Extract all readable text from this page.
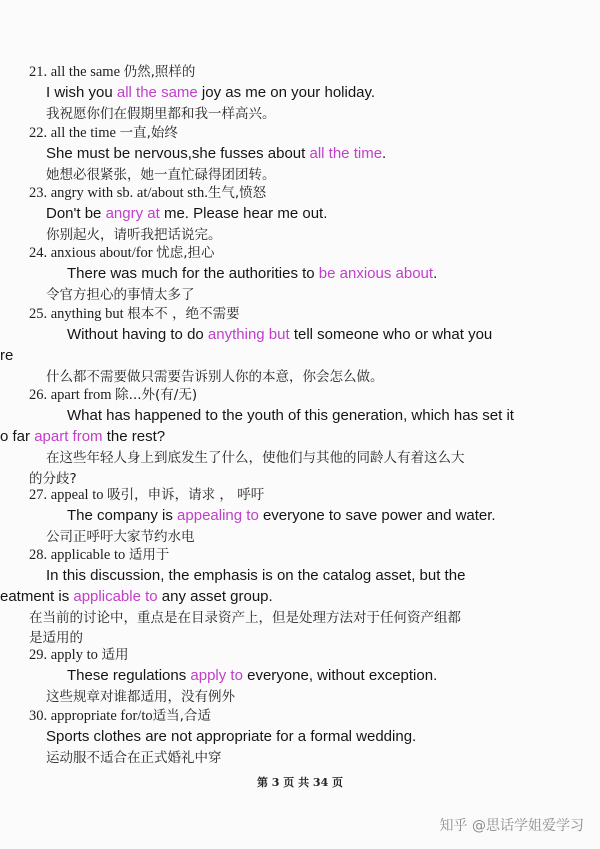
21. all the same 仍然,照样的
I wish you all the same joy as me on your holiday.
我祝愿你们在假期里都和我一样高兴。
22. all the time 一直,始终
She must be nervous,she fusses about all the time.
她想必很紧张，她一直忙碌得团团转。
23. angry with sb. at/about sth.生气,愤怒
Don't be angry at me. Please hear me out.
你别起火，请听我把话说完。
24. anxious about/for 忧虑,担心
There was much for the authorities to be anxious about.
令官方担心的事情太多了
25. anything but 根本不 ，绝不需要
Without having to do anything but tell someone who or what you
re
什么都不需要做只需要告诉别人你的本意，你会怎么做。
26. apart from 除...外(有/无)
What has happened to the youth of this generation, which has set it
o far apart from the rest?
在这些年轻人身上到底发生了什么，使他们与其他的同龄人有着这么大
的分歧?
27. appeal to 吸引，申诉，请求 ， 呼吁
The company is appealing to everyone to save power and water.
公司正呼吁大家节约水电
28. applicable to 适用于
In this discussion, the emphasis is on the catalog asset, but the
eatment is applicable to any asset group.
在当前的讨论中，重点是在目录资产上，但是处理方法对于任何资产组都
是适用的
29. apply to 适用
These regulations apply to everyone, without exception.
这些规章对谁都适用，没有例外
30. appropriate for/to适当,合适
Sports clothes are not appropriate for a formal wedding.
运动服不适合在正式婚礼中穿
第 3 页 共 34 页
知乎 @思话学姐爱学习
